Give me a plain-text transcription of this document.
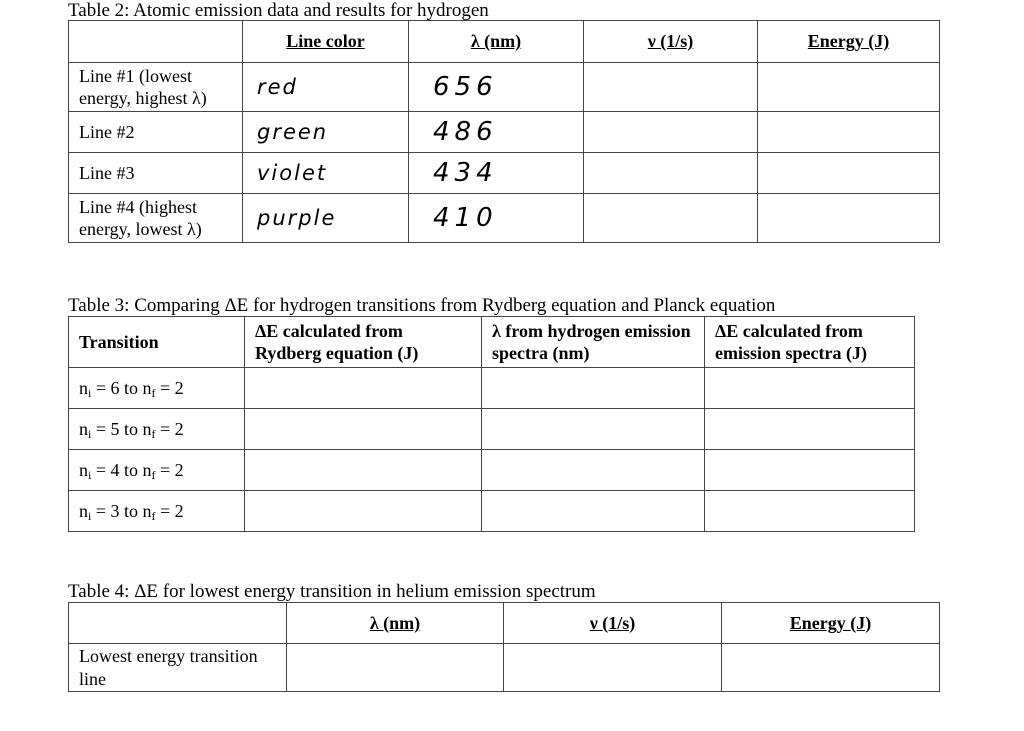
Table 2: Atomic emission data and results for hydrogen
	Line color	λ (nm)	ν (1/s)	Energy (J)
Line #1 (lowest energy, highest λ)	red	656		
Line #2	green	486		
Line #3	violet	434		
Line #4 (highest energy, lowest λ)	purple	410		
Table 3: Comparing ΔE for hydrogen transitions from Rydberg equation and Planck equation
Transition	ΔE calculated from Rydberg equation (J)	λ from hydrogen emission spectra (nm)	ΔE calculated from emission spectra (J)
ni = 6 to nf = 2			
ni = 5 to nf = 2			
ni = 4 to nf = 2			
ni = 3 to nf = 2			
Table 4: ΔE for lowest energy transition in helium emission spectrum
	λ (nm)	ν (1/s)	Energy (J)
Lowest energy transition line			
